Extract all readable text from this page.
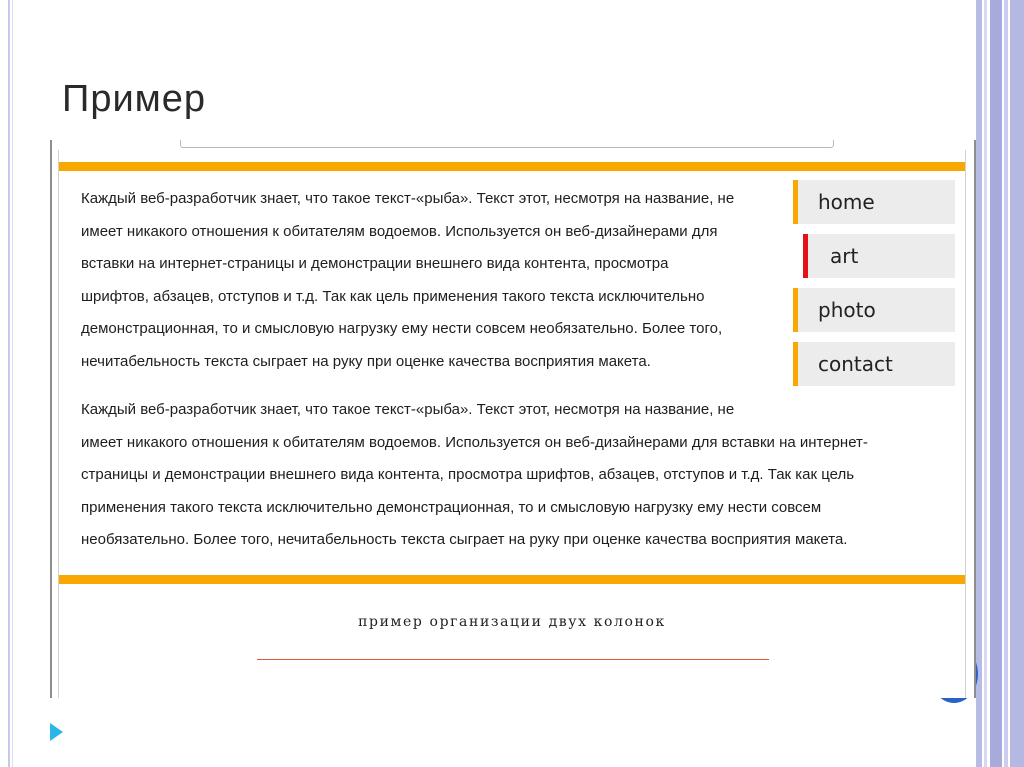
Пример

Каждый веб-разработчик знает, что такое текст-«рыба». Текст этот, несмотря на название, не
имеет никакого отношения к обитателям водоемов. Используется он веб-дизайнерами для
вставки на интернет-страницы и демонстрации внешнего вида контента, просмотра
шрифтов, абзацев, отступов и т.д. Так как цель применения такого текста исключительно
демонстрационная, то и смысловую нагрузку ему нести совсем необязательно. Более того,
нечитабельность текста сыграет на руку при оценке качества восприятия макета.

Каждый веб-разработчик знает, что такое текст-«рыба». Текст этот, несмотря на название, не
имеет никакого отношения к обитателям водоемов. Используется он веб-дизайнерами для вставки на интернет-
страницы и демонстрации внешнего вида контента, просмотра шрифтов, абзацев, отступов и т.д. Так как цель
применения такого текста исключительно демонстрационная, то и смысловую нагрузку ему нести совсем
необязательно. Более того, нечитабельность текста сыграет на руку при оценке качества восприятия макета.

home
art
photo
contact
пример организации двух колонок
